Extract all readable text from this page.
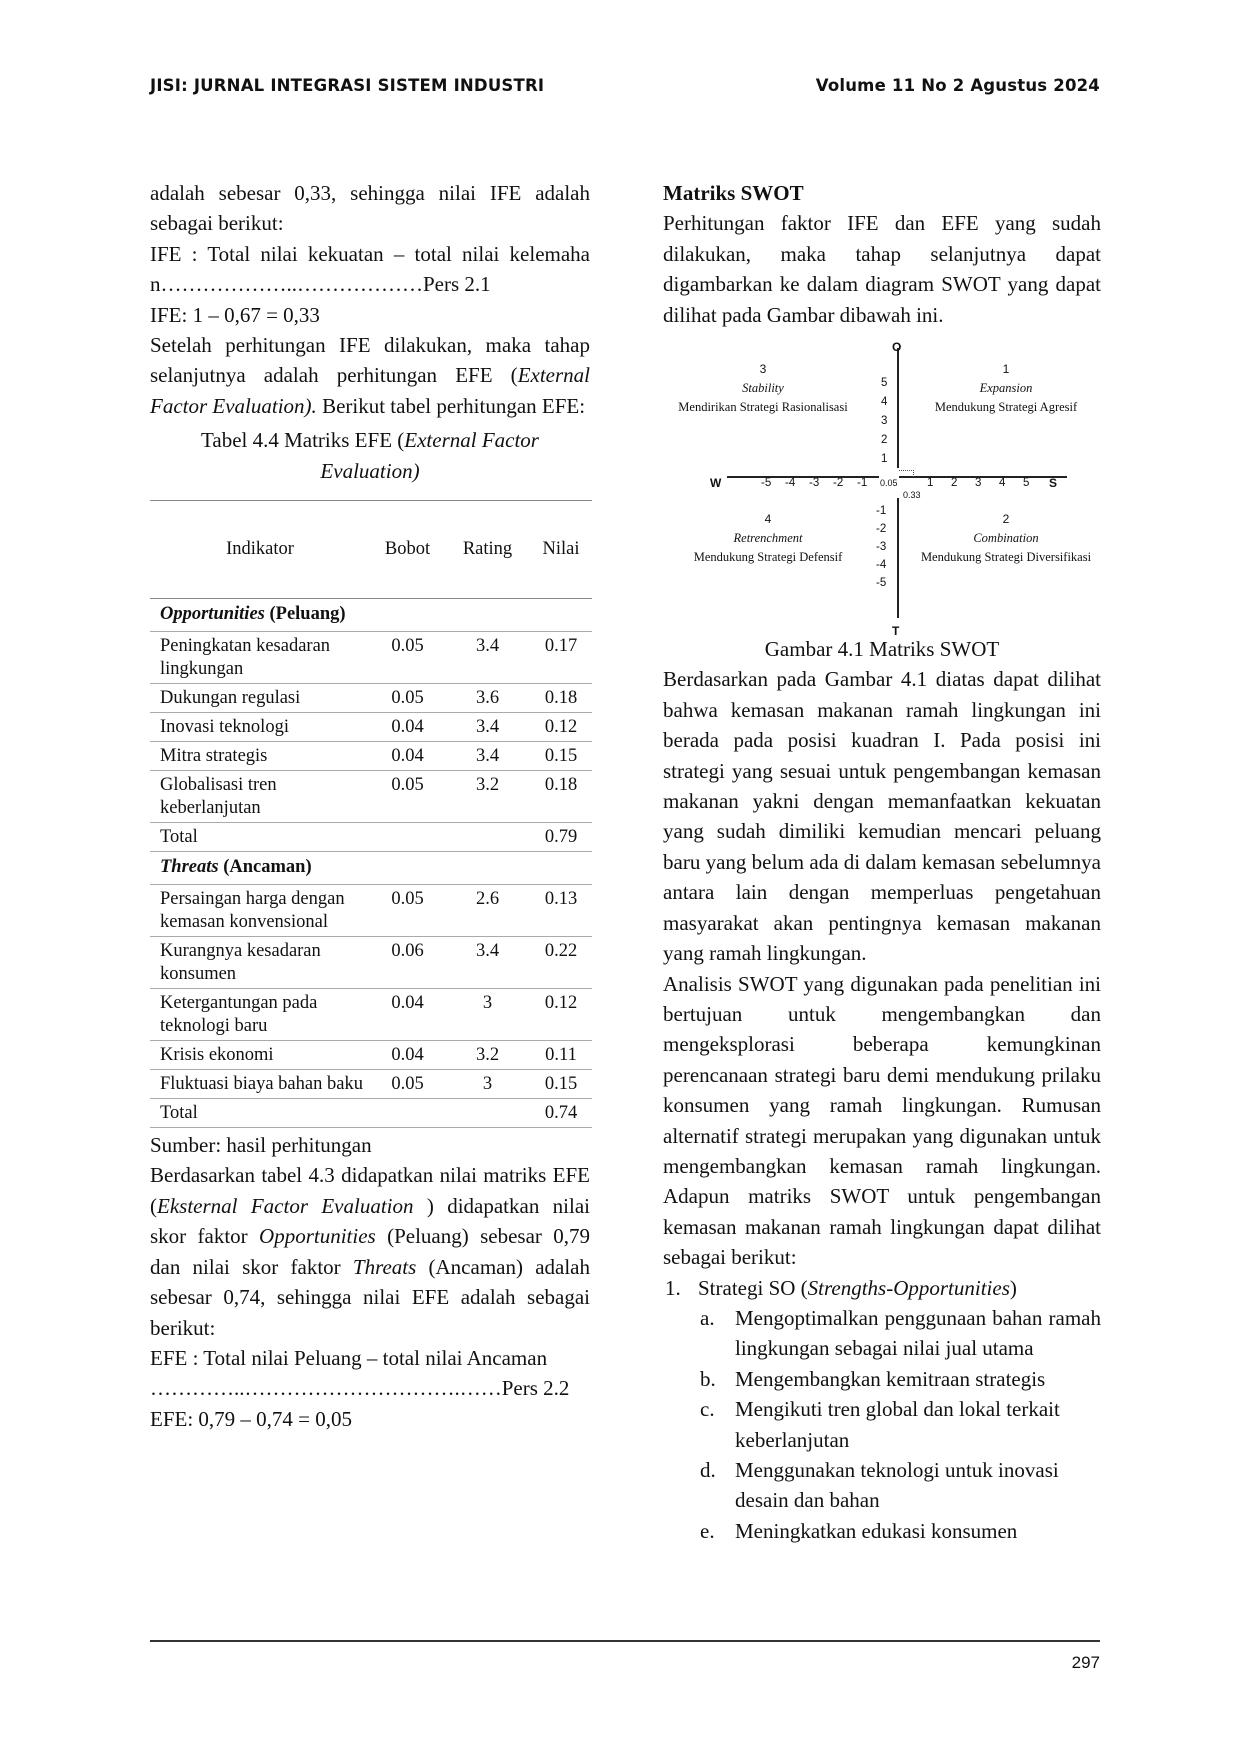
JISI: JURNAL INTEGRASI SISTEM INDUSTRI	Volume 11 No 2 Agustus 2024

adalah sebesar 0,33, sehingga nilai IFE adalah sebagai berikut:

IFE : Total nilai kekuatan – total nilai kelemahan………………..………………Pers 2.1

IFE: 1 – 0,67 = 0,33

Setelah perhitungan IFE dilakukan, maka tahap selanjutnya adalah perhitungan EFE (External Factor Evaluation). Berikut tabel perhitungan EFE:

Tabel 4.4 Matriks EFE (External Factor Evaluation)

Indikator	Bobot	Rating	Nilai
Opportunities (Peluang)			
Peningkatan kesadaran lingkungan	0.05	3.4	0.17
Dukungan regulasi	0.05	3.6	0.18
Inovasi teknologi	0.04	3.4	0.12
Mitra strategis	0.04	3.4	0.15
Globalisasi tren keberlanjutan	0.05	3.2	0.18
Total			0.79
Threats (Ancaman)			
Persaingan harga dengan kemasan konvensional	0.05	2.6	0.13
Kurangnya kesadaran konsumen	0.06	3.4	0.22
Ketergantungan pada teknologi baru	0.04	3	0.12
Krisis ekonomi	0.04	3.2	0.11
Fluktuasi biaya bahan baku	0.05	3	0.15
Total			0.74

Sumber: hasil perhitungan

Berdasarkan tabel 4.3 didapatkan nilai matriks EFE (Eksternal Factor Evaluation ) didapatkan nilai skor faktor Opportunities (Peluang) sebesar 0,79 dan nilai skor faktor Threats (Ancaman) adalah sebesar 0,74, sehingga nilai EFE adalah sebagai berikut:

EFE : Total nilai Peluang – total nilai Ancaman …………..………………………….……Pers 2.2

EFE: 0,79 – 0,74 = 0,05

Matriks SWOT

Perhitungan faktor IFE dan EFE yang sudah dilakukan, maka tahap selanjutnya dapat digambarkan ke dalam diagram SWOT yang dapat dilihat pada Gambar dibawah ini.

O
T
W	S
5
4
3
2
1
-1
-2
-3
-4
-5
-5 -4 -3 -2 -1	1 2 3 4 5
0.05
0.33
3
Stability
Mendirikan Strategi Rasionalisasi
1
Expansion
Mendukung Strategi Agresif
4
Retrenchment
Mendukung Strategi Defensif
2
Combination
Mendukung Strategi Diversifikasi

Gambar 4.1 Matriks SWOT

Berdasarkan pada Gambar 4.1 diatas dapat dilihat bahwa kemasan makanan ramah lingkungan ini berada pada posisi kuadran I. Pada posisi ini strategi yang sesuai untuk pengembangan kemasan makanan yakni dengan memanfaatkan kekuatan yang sudah dimiliki kemudian mencari peluang baru yang belum ada di dalam kemasan sebelumnya antara lain dengan memperluas pengetahuan masyarakat akan pentingnya kemasan makanan yang ramah lingkungan.

Analisis SWOT yang digunakan pada penelitian ini bertujuan untuk mengembangkan dan mengeksplorasi beberapa kemungkinan perencanaan strategi baru demi mendukung prilaku konsumen yang ramah lingkungan. Rumusan alternatif strategi merupakan yang digunakan untuk mengembangkan kemasan ramah lingkungan. Adapun matriks SWOT untuk pengembangan kemasan makanan ramah lingkungan dapat dilihat sebagai berikut:

1. Strategi SO (Strengths-Opportunities)
a. Mengoptimalkan penggunaan bahan ramah lingkungan sebagai nilai jual utama
b. Mengembangkan kemitraan strategis
c. Mengikuti tren global dan lokal terkait keberlanjutan
d. Menggunakan teknologi untuk inovasi desain dan bahan
e. Meningkatkan edukasi konsumen
297
